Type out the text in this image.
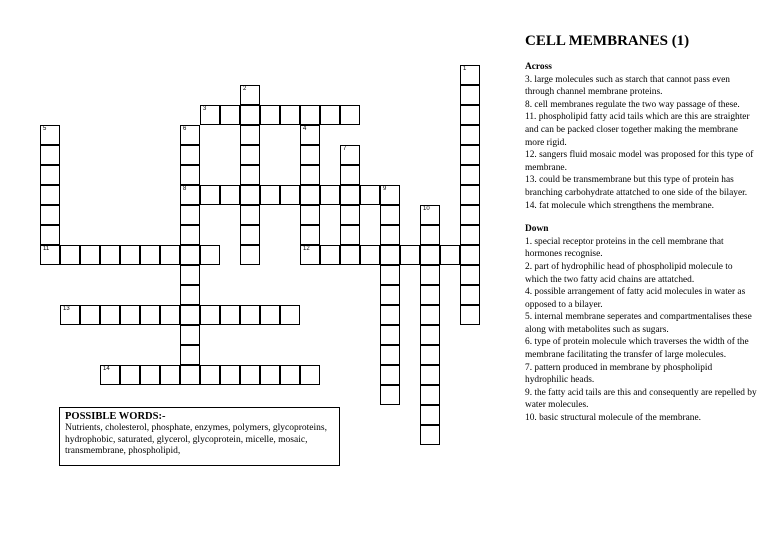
1
2
3
4
12
5
11
6
8
7
9
10
13
14
POSSIBLE WORDS:-
Nutrients, cholesterol, phosphate, enzymes, polymers, glycoproteins, hydrophobic, saturated, glycerol, glycoprotein, micelle, mosaic, transmembrane, phospholipid,
CELL MEMBRANES (1)
Across
3. large molecules such as starch that cannot pass even through channel membrane proteins.
8. cell membranes regulate the two way passage of these.
11. phospholipid fatty acid tails which are this are straighter and can be packed closer together making the membrane more rigid.
12. sangers fluid mosaic model was proposed for this type of membrane.
13. could be transmembrane but this type of protein has branching carbohydrate attatched to one side of the bilayer.
14. fat molecule which strengthens the membrane.
Down
1. special receptor proteins in the cell membrane that hormones recognise.
2. part of hydrophilic head of phospholipid molecule to which the two fatty acid chains are attatched.
4. possible arrangement of fatty acid molecules in water as opposed to a bilayer.
5. internal membrane seperates and compartmentalises these along with metabolites such as sugars.
6. type of protein molecule which traverses the width of the membrane facilitating the transfer of large molecules.
7. pattern produced in membrane by phospholipid hydrophilic heads.
9. the fatty acid tails are this and consequently are repelled by water molecules.
10. basic structural molecule of the membrane.
